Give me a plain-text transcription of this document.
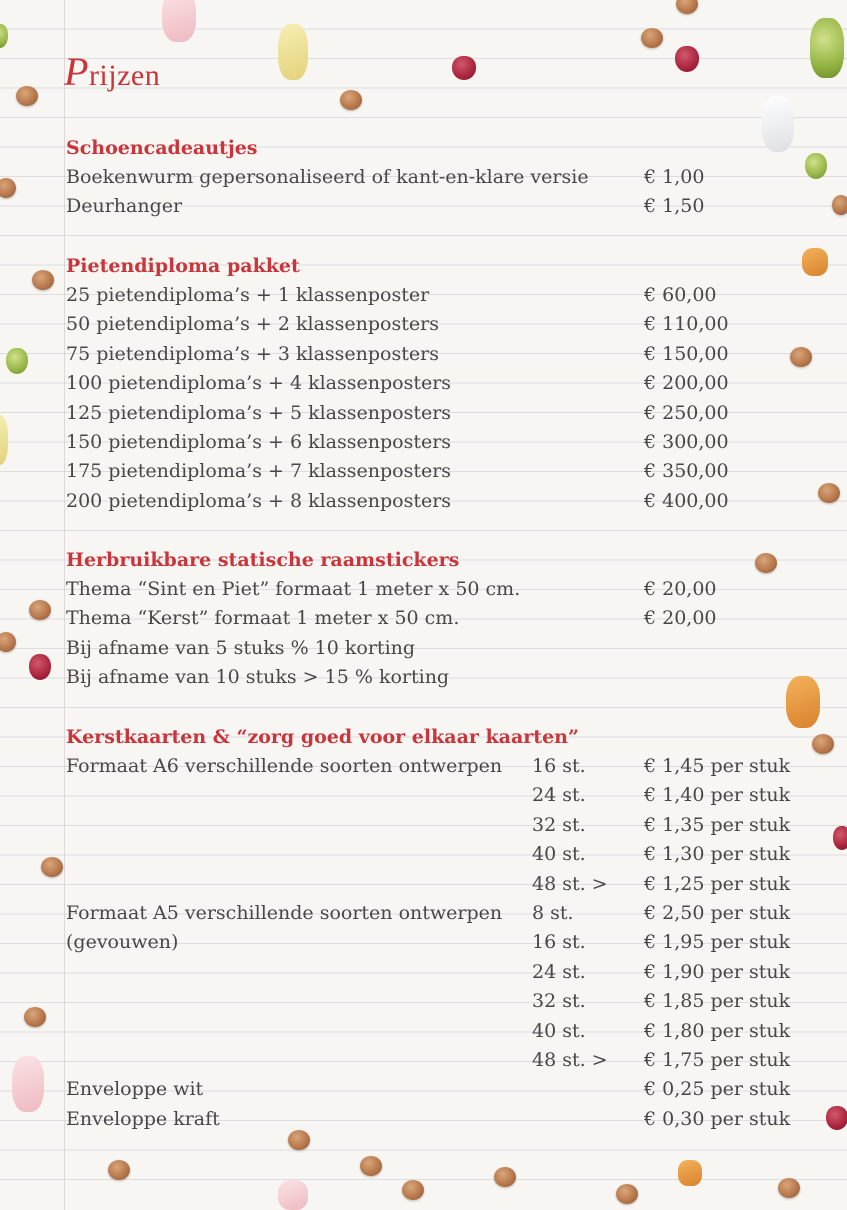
Prijzen
Schoencadeautjes
Boekenwurm gepersonaliseerd of kant-en-klare versie	€ 1,00
Deurhanger	€ 1,50
Pietendiploma pakket
25 pietendiploma’s + 1 klassenposter	€ 60,00
50 pietendiploma’s + 2 klassenposters	€ 110,00
75 pietendiploma’s + 3 klassenposters	€ 150,00
100 pietendiploma’s + 4 klassenposters	€ 200,00
125 pietendiploma’s + 5 klassenposters	€ 250,00
150 pietendiploma’s + 6 klassenposters	€ 300,00
175 pietendiploma’s + 7 klassenposters	€ 350,00
200 pietendiploma’s + 8 klassenposters	€ 400,00
Herbruikbare statische raamstickers
Thema “Sint en Piet” formaat 1 meter x 50 cm.	€ 20,00
Thema “Kerst” formaat 1 meter x 50 cm.	€ 20,00
Bij afname van 5 stuks % 10 korting
Bij afname van 10 stuks > 15 % korting
Kerstkaarten & “zorg goed voor elkaar kaarten”
Formaat A6 verschillende soorten ontwerpen 16 st.	€ 1,45 per stuk
24 st.	€ 1,40 per stuk
32 st.	€ 1,35 per stuk
40 st.	€ 1,30 per stuk
48 st. > € 1,25 per stuk
Formaat A5 verschillende soorten ontwerpen 8 st.	€ 2,50 per stuk
(gevouwen)	16 st.	€ 1,95 per stuk
24 st.	€ 1,90 per stuk
32 st.	€ 1,85 per stuk
40 st.	€ 1,80 per stuk
48 st. > € 1,75 per stuk
Enveloppe wit	€ 0,25 per stuk
Enveloppe kraft	€ 0,30 per stuk
